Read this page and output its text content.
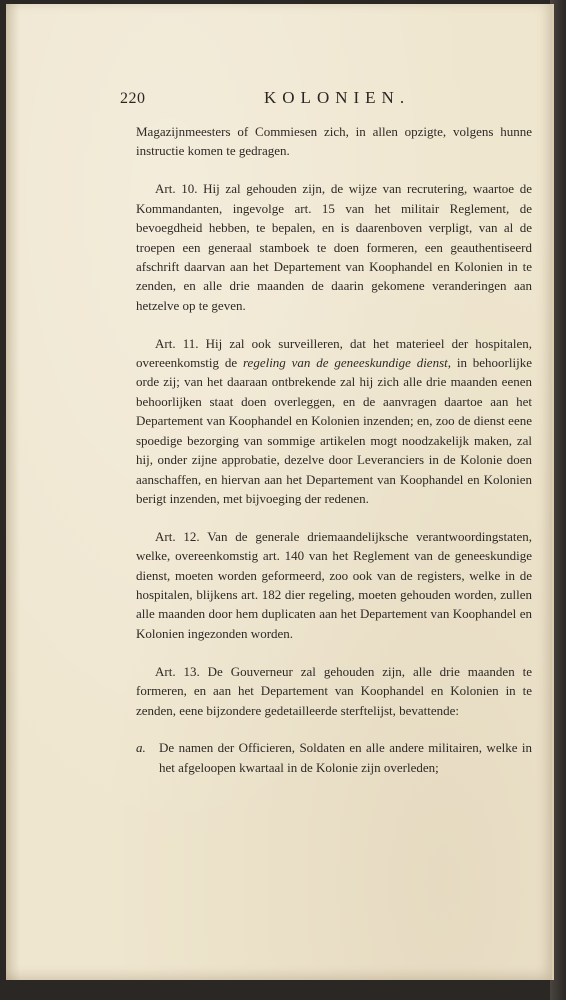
220	KOLONIEN.

Magazijnmeesters of Commiesen zich, in allen opzigte, volgens hunne instructie komen te gedragen.

Art. 10. Hij zal gehouden zijn, de wijze van recrutering, waartoe de Kommandanten, ingevolge art. 15 van het militair Reglement, de bevoegdheid hebben, te bepalen, en is daarenboven verpligt, van al de troepen een generaal stamboek te doen formeren, een geauthentiseerd afschrift daarvan aan het Departement van Koophandel en Kolonien in te zenden, en alle drie maanden de daarin gekomene veranderingen aan hetzelve op te geven.

Art. 11. Hij zal ook surveilleren, dat het materieel der hospitalen, overeenkomstig de regeling van de geneeskundige dienst, in behoorlijke orde zij; van het daaraan ontbrekende zal hij zich alle drie maanden eenen behoorlijken staat doen overleggen, en de aanvragen daartoe aan het Departement van Koophandel en Kolonien inzenden; en, zoo de dienst eene spoedige bezorging van sommige artikelen mogt noodzakelijk maken, zal hij, onder zijne approbatie, dezelve door Leveranciers in de Kolonie doen aanschaffen, en hiervan aan het Departement van Koophandel en Kolonien berigt inzenden, met bijvoeging der redenen.

Art. 12. Van de generale driemaandelijksche verantwoordingstaten, welke, overeenkomstig art. 140 van het Reglement van de geneeskundige dienst, moeten worden geformeerd, zoo ook van de registers, welke in de hospitalen, blijkens art. 182 dier regeling, moeten gehouden worden, zullen alle maanden door hem duplicaten aan het Departement van Koophandel en Kolonien ingezonden worden.

Art. 13. De Gouverneur zal gehouden zijn, alle drie maanden te formeren, en aan het Departement van Koophandel en Kolonien in te zenden, eene bijzondere gedetailleerde sterftelijst, bevattende:

a. De namen der Officieren, Soldaten en alle andere militairen, welke in het afgeloopen kwartaal in de Kolonie zijn overleden;
